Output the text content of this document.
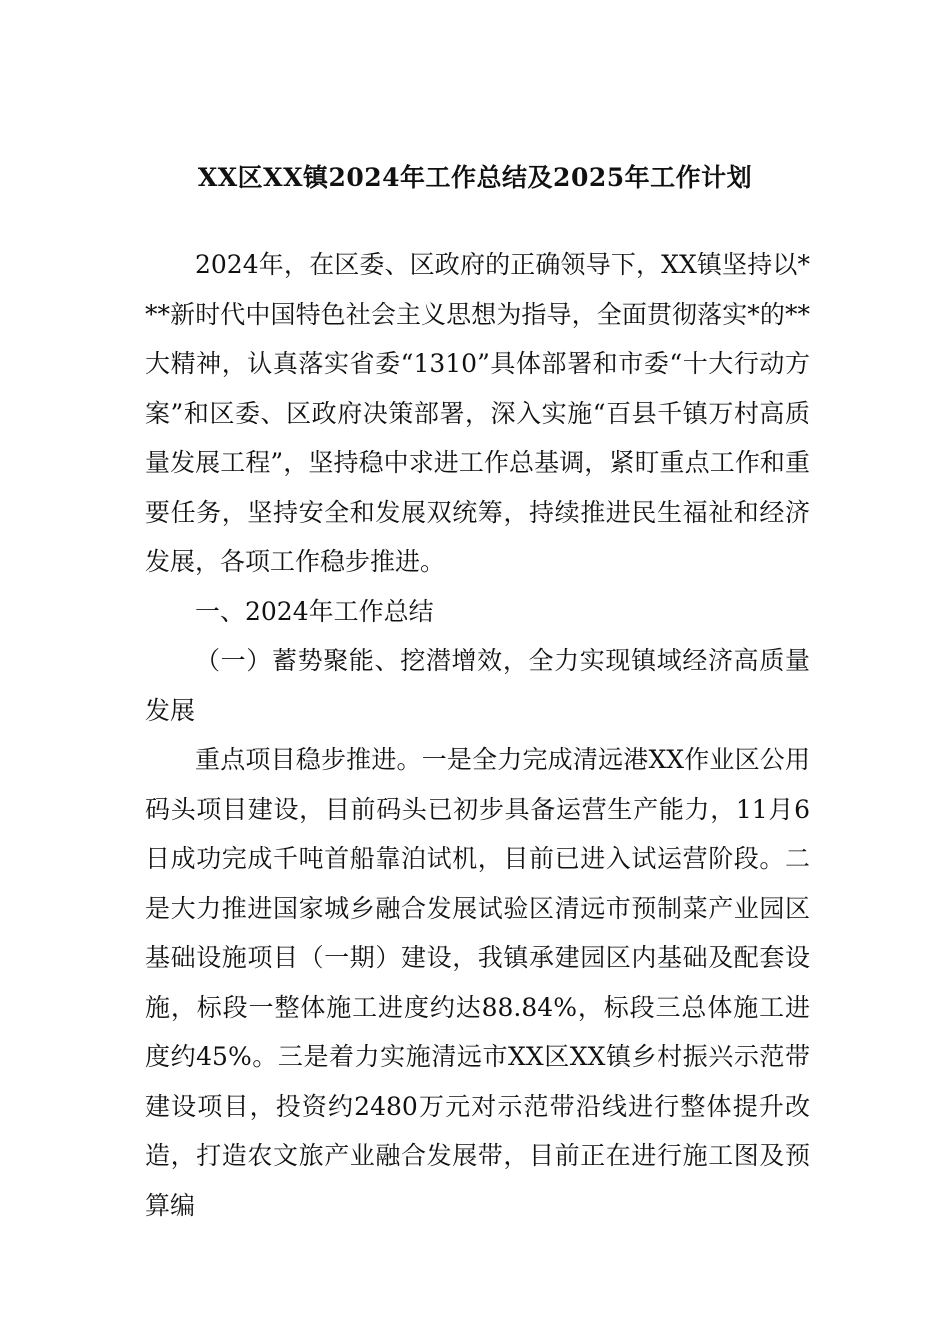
XX区XX镇2024年工作总结及2025年工作计划

2024年，在区委、区政府的正确领导下，XX镇坚持以***新时代中国特色社会主义思想为指导，全面贯彻落实*的**大精神，认真落实省委“1310”具体部署和市委“十大行动方案”和区委、区政府决策部署，深入实施“百县千镇万村高质量发展工程”，坚持稳中求进工作总基调，紧盯重点工作和重要任务，坚持安全和发展双统筹，持续推进民生福祉和经济发展，各项工作稳步推进。

一、2024年工作总结

（一）蓄势聚能、挖潜增效，全力实现镇域经济高质量发展

重点项目稳步推进。一是全力完成清远港XX作业区公用码头项目建设，目前码头已初步具备运营生产能力，11月6日成功完成千吨首船靠泊试机，目前已进入试运营阶段。二是大力推进国家城乡融合发展试验区清远市预制菜产业园区基础设施项目（一期）建设，我镇承建园区内基础及配套设施，标段一整体施工进度约达88.84%，标段三总体施工进度约45%。三是着力实施清远市XX区XX镇乡村振兴示范带建设项目，投资约2480万元对示范带沿线进行整体提升改造，打造农文旅产业融合发展带，目前正在进行施工图及预算编
